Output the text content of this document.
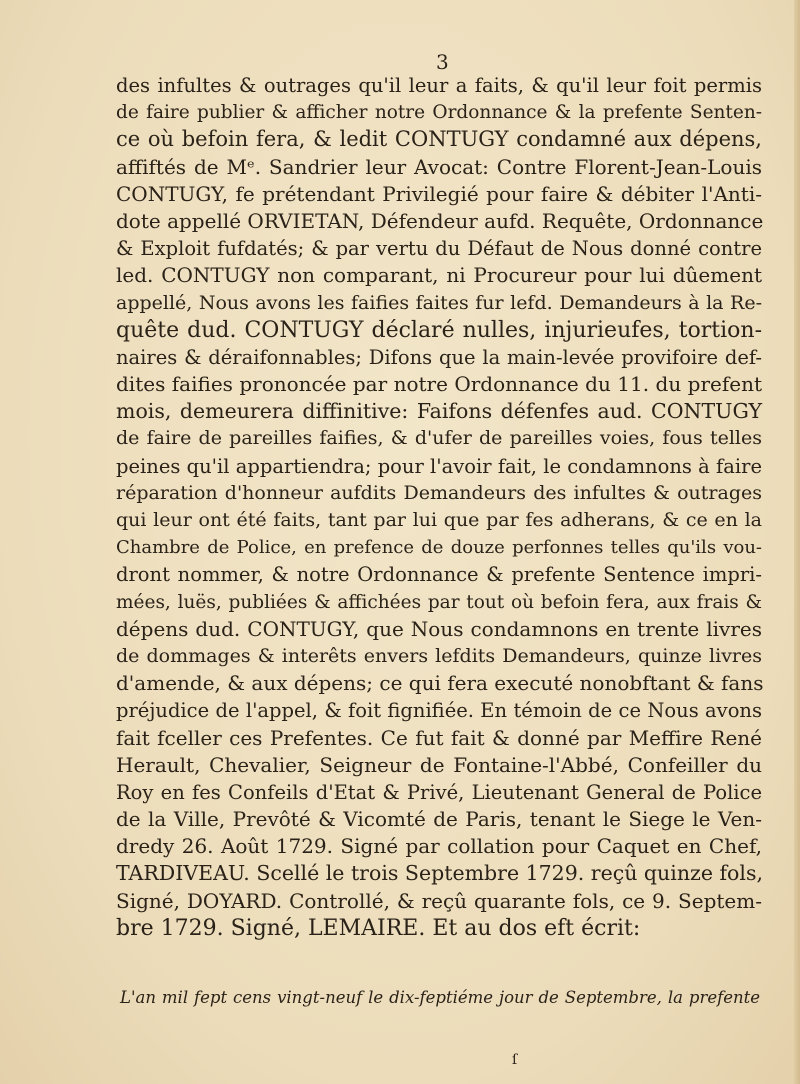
3
des infultes & outrages qu'il leur a faits, & qu'il leur foit permis
de faire publier & afficher notre Ordonnance & la prefente Senten-
ce où befoin fera, & ledit CONTUGY condamné aux dépens,
affiftés de Mᵉ. Sandrier leur Avocat: Contre Florent-Jean-Louis
CONTUGY, fe prétendant Privilegié pour faire & débiter l'Anti-
dote appellé ORVIETAN, Défendeur aufd. Requête, Ordonnance
& Exploit fufdatés; & par vertu du Défaut de Nous donné contre
led. CONTUGY non comparant, ni Procureur pour lui dûement
appellé, Nous avons les faifies faites fur lefd. Demandeurs à la Re-
quête dud. CONTUGY déclaré nulles, injurieufes, tortion-
naires & déraifonnables; Difons que la main-levée provifoire def-
dites faifies prononcée par notre Ordonnance du 11. du prefent
mois, demeurera diffinitive: Faifons défenfes aud. CONTUGY
de faire de pareilles faifies, & d'ufer de pareilles voies, fous telles
peines qu'il appartiendra; pour l'avoir fait, le condamnons à faire
réparation d'honneur aufdits Demandeurs des infultes & outrages
qui leur ont été faits, tant par lui que par fes adherans, & ce en la
Chambre de Police, en prefence de douze perfonnes telles qu'ils vou-
dront nommer, & notre Ordonnance & prefente Sentence impri-
mées, luës, publiées & affichées par tout où befoin fera, aux frais &
dépens dud. CONTUGY, que Nous condamnons en trente livres
de dommages & interêts envers lefdits Demandeurs, quinze livres
d'amende, & aux dépens; ce qui fera executé nonobftant & fans
préjudice de l'appel, & foit fignifiée. En témoin de ce Nous avons
fait fceller ces Prefentes. Ce fut fait & donné par Meffire René
Herault, Chevalier, Seigneur de Fontaine-l'Abbé, Confeiller du
Roy en fes Confeils d'Etat & Privé, Lieutenant General de Police
de la Ville, Prevôté & Vicomté de Paris, tenant le Siege le Ven-
dredy 26. Août 1729. Signé par collation pour Caquet en Chef,
TARDIVEAU. Scellé le trois Septembre 1729. reçû quinze fols,
Signé, DOYARD. Controllé, & reçû quarante fols, ce 9. Septem-
bre 1729. Signé, LEMAIRE. Et au dos eft écrit:
L'an mil fept cens vingt-neuf le dix-feptiéme jour de Septembre, la prefente
ſ
